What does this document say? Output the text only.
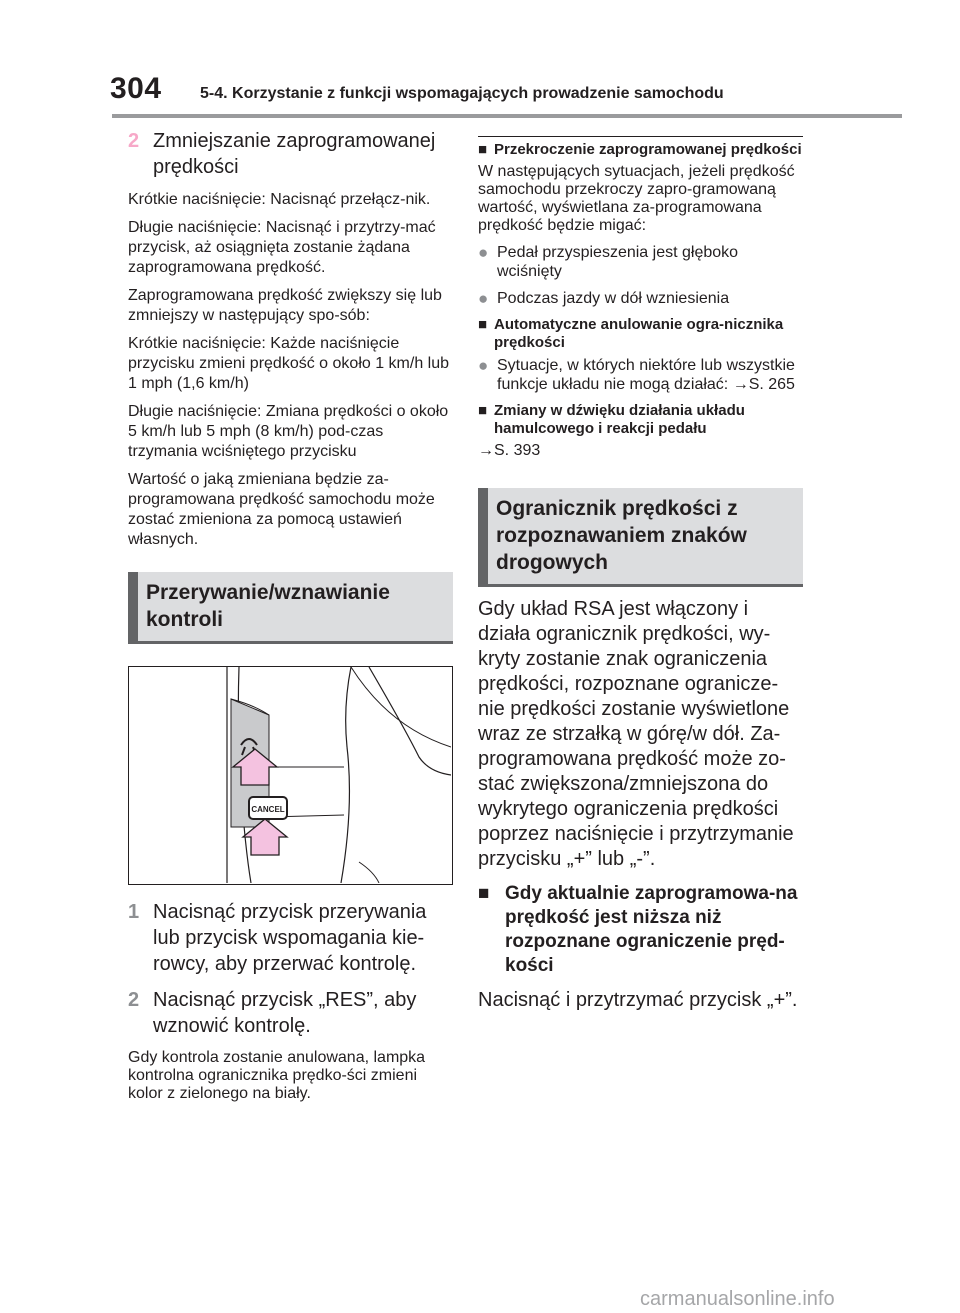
304 5-4. Korzystanie z funkcji wspomagających prowadzenie samochodu
2 Zmniejszanie zaprogramowanej prędkości
Krótkie naciśnięcie: Nacisnąć przełącz-nik.
Długie naciśnięcie: Nacisnąć i przytrzy-mać przycisk, aż osiągnięta zostanie żądana zaprogramowana prędkość.
Zaprogramowana prędkość zwiększy się lub zmniejszy w następujący spo-sób:
Krótkie naciśnięcie: Każde naciśnięcie przycisku zmieni prędkość o około 1 km/h lub 1 mph (1,6 km/h)
Długie naciśnięcie: Zmiana prędkości o około 5 km/h lub 5 mph (8 km/h) pod-czas trzymania wciśniętego przycisku
Wartość o jaką zmieniana będzie za-programowana prędkość samochodu może zostać zmieniona za pomocą ustawień własnych.
Przerywanie/wznawianie kontroli
CANCEL
1 Nacisnąć przycisk przerywania lub przycisk wspomagania kie-rowcy, aby przerwać kontrolę.
2 Nacisnąć przycisk „RES”, aby wznowić kontrolę.
Gdy kontrola zostanie anulowana, lampka kontrolna ogranicznika prędko-ści zmieni kolor z zielonego na biały.
■ Przekroczenie zaprogramowanej prędkości
W następujących sytuacjach, jeżeli prędkość samochodu przekroczy zapro-gramowaną wartość, wyświetlana za-programowana prędkość będzie migać:
● Pedał przyspieszenia jest głęboko wciśnięty
● Podczas jazdy w dół wzniesienia
■ Automatyczne anulowanie ogra-nicznika prędkości
● Sytuacje, w których niektóre lub wszystkie funkcje układu nie mogą działać: →S. 265
■ Zmiany w dźwięku działania układu hamulcowego i reakcji pedału
→S. 393
Ogranicznik prędkości z rozpoznawaniem znaków drogowych
Gdy układ RSA jest włączony i działa ogranicznik prędkości, wy-kryty zostanie znak ograniczenia prędkości, rozpoznane ogranicze-nie prędkości zostanie wyświetlone wraz ze strzałką w górę/w dół. Za-programowana prędkość może zo-stać zwiększona/zmniejszona do wykrytego ograniczenia prędkości poprzez naciśnięcie i przytrzymanie przycisku „+” lub „-”.
■ Gdy aktualnie zaprogramowa-na prędkość jest niższa niż rozpoznane ograniczenie pręd-kości
Nacisnąć i przytrzymać przycisk „+”.
carmanualsonline.info
